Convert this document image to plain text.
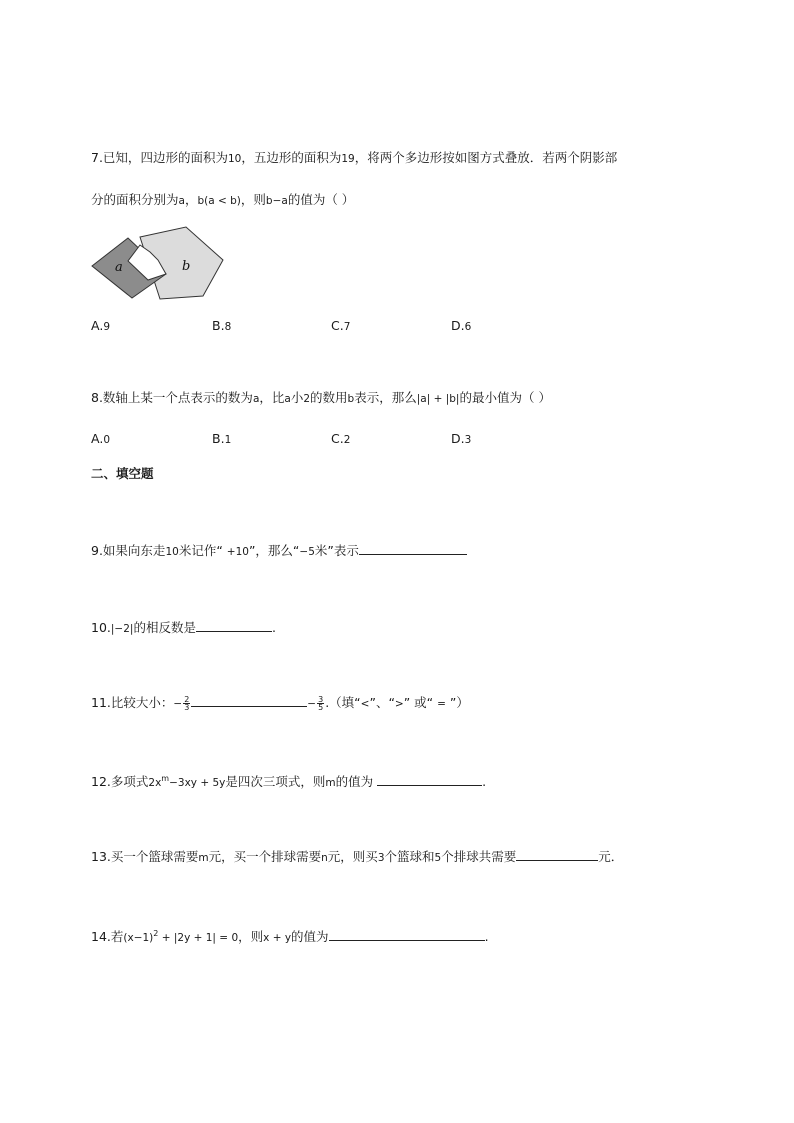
7.已知，四边形的面积为10，五边形的面积为19，将两个多边形按如图方式叠放．若两个阴影部
分的面积分别为a，b(a < b)，则b−a的值为（ ）
a	b
A.9	B.8	C.7	D.6
8.数轴上某一个点表示的数为a，比a小2的数用b表示，那么|a| + |b|的最小值为（ ）
A.0	B.1	C.2	D.3
二、填空题
9.如果向东走10米记作“ +10”，那么“−5米”表示
10.|−2|的相反数是	.
11.比较大小：− $\frac{2}{3}$	− $\frac{3}{5}$ .（填“<”、“>” 或“ = ”）
12.多项式$2x^m-3xy + 5y$是四次三项式，则m的值为	.
13.买一个篮球需要m元，买一个排球需要n元，则买3个篮球和5个排球共需要	元．
14.若$(x-1)^2 + |2y + 1| = 0$，则x + y的值为	.
